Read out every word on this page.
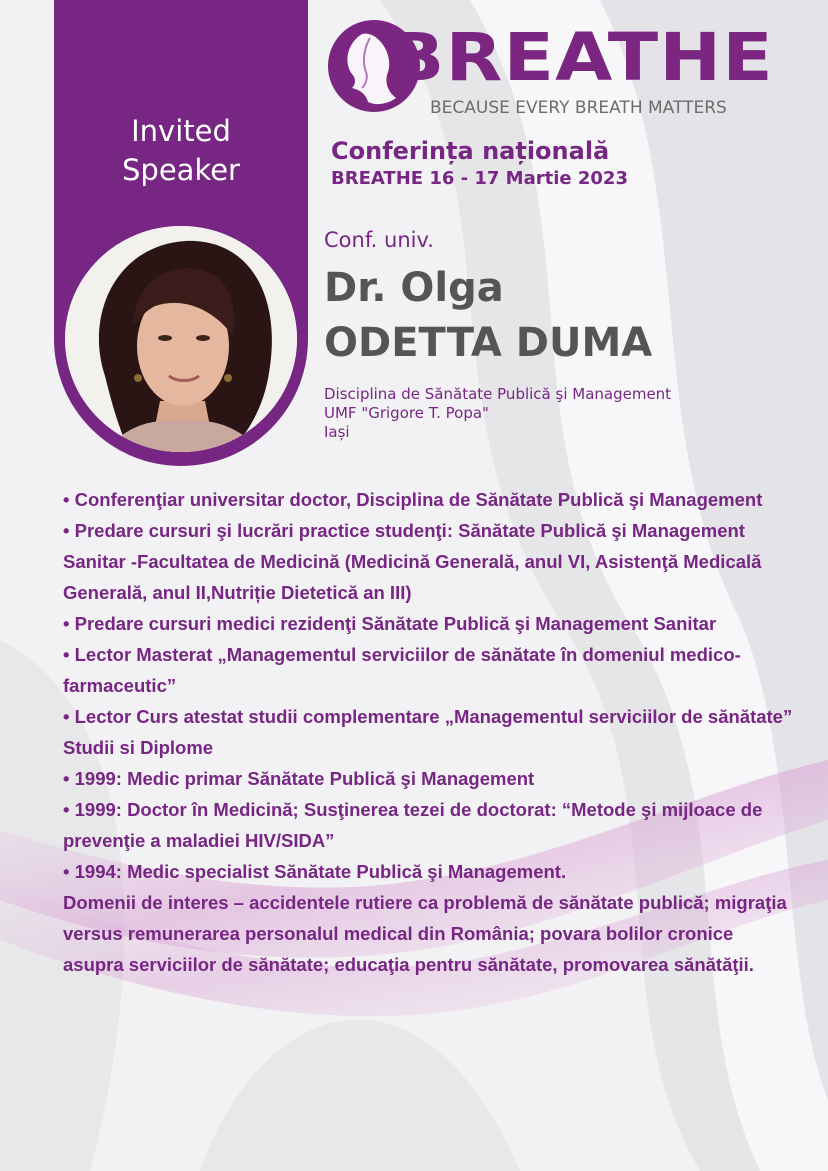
Invited
Speaker
BREATHE
BECAUSE EVERY BREATH MATTERS
Conferința națională
BREATHE 16 - 17 Martie 2023
Conf. univ.
Dr. Olga
ODETTA DUMA
Disciplina de Sănătate Publică şi Management
UMF "Grigore T. Popa"
Iași

• Conferenţiar universitar doctor, Disciplina de Sănătate Publică şi Management

• Predare cursuri şi lucrări practice studenţi: Sănătate Publică şi Management Sanitar -Facultatea de Medicină (Medicină Generală, anul VI, Asistenţă Medicală Generală, anul II,Nutriție Dietetică an III)

• Predare cursuri medici rezidenţi Sănătate Publică şi Management Sanitar

• Lector Masterat „Managementul serviciilor de sănătate în domeniul medico-farmaceutic”

• Lector Curs atestat studii complementare „Managementul serviciilor de sănătate”

Studii si Diplome

• 1999: Medic primar Sănătate Publică şi Management

• 1999: Doctor în Medicină; Susţinerea tezei de doctorat: “Metode şi mijloace de prevenţie a maladiei HIV/SIDA”

• 1994: Medic specialist Sănătate Publică şi Management.

Domenii de interes – accidentele rutiere ca problemă de sănătate publică; migraţia versus remunerarea personalul medical din România; povara bolilor cronice asupra serviciilor de sănătate; educaţia pentru sănătate, promovarea sănătăţii.
